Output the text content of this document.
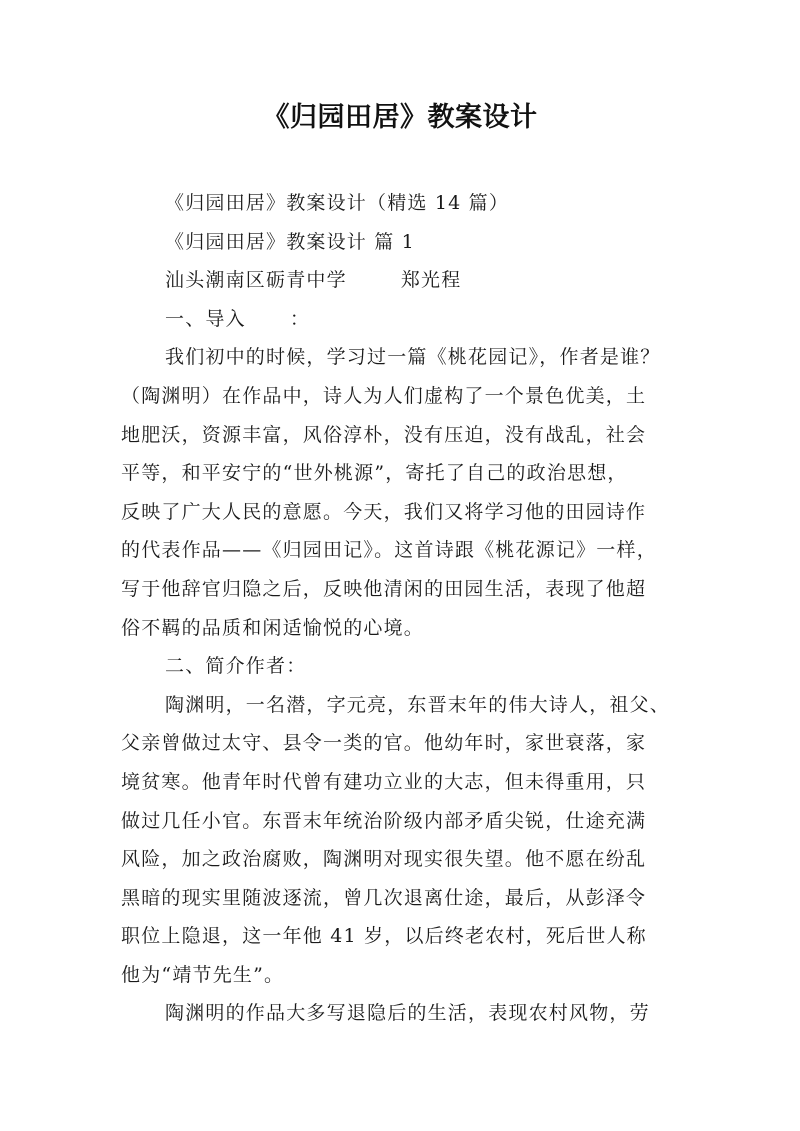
《归园田居》教案设计
《归园田居》教案设计（精选 14 篇）
《归园田居》教案设计 篇 1
汕头潮南区砺青中学	郑光程
一、导入 ：
我们初中的时候，学习过一篇《桃花园记》，作者是谁？
（陶渊明）在作品中，诗人为人们虚构了一个景色优美，土
地肥沃，资源丰富，风俗淳朴，没有压迫，没有战乱，社会
平等，和平安宁的“世外桃源”，寄托了自己的政治思想，
反映了广大人民的意愿。今天，我们又将学习他的田园诗作
的代表作品——《归园田记》。这首诗跟《桃花源记》一样，
写于他辞官归隐之后，反映他清闲的田园生活，表现了他超
俗不羁的品质和闲适愉悦的心境。
二、简介作者：
陶渊明，一名潜，字元亮，东晋末年的伟大诗人，祖父、
父亲曾做过太守、县令一类的官。他幼年时，家世衰落，家
境贫寒。他青年时代曾有建功立业的大志，但未得重用，只
做过几任小官。东晋末年统治阶级内部矛盾尖锐，仕途充满
风险，加之政治腐败，陶渊明对现实很失望。他不愿在纷乱
黑暗的现实里随波逐流，曾几次退离仕途，最后，从彭泽令
职位上隐退，这一年他 41 岁，以后终老农村，死后世人称
他为“靖节先生”。
陶渊明的作品大多写退隐后的生活，表现农村风物，劳
